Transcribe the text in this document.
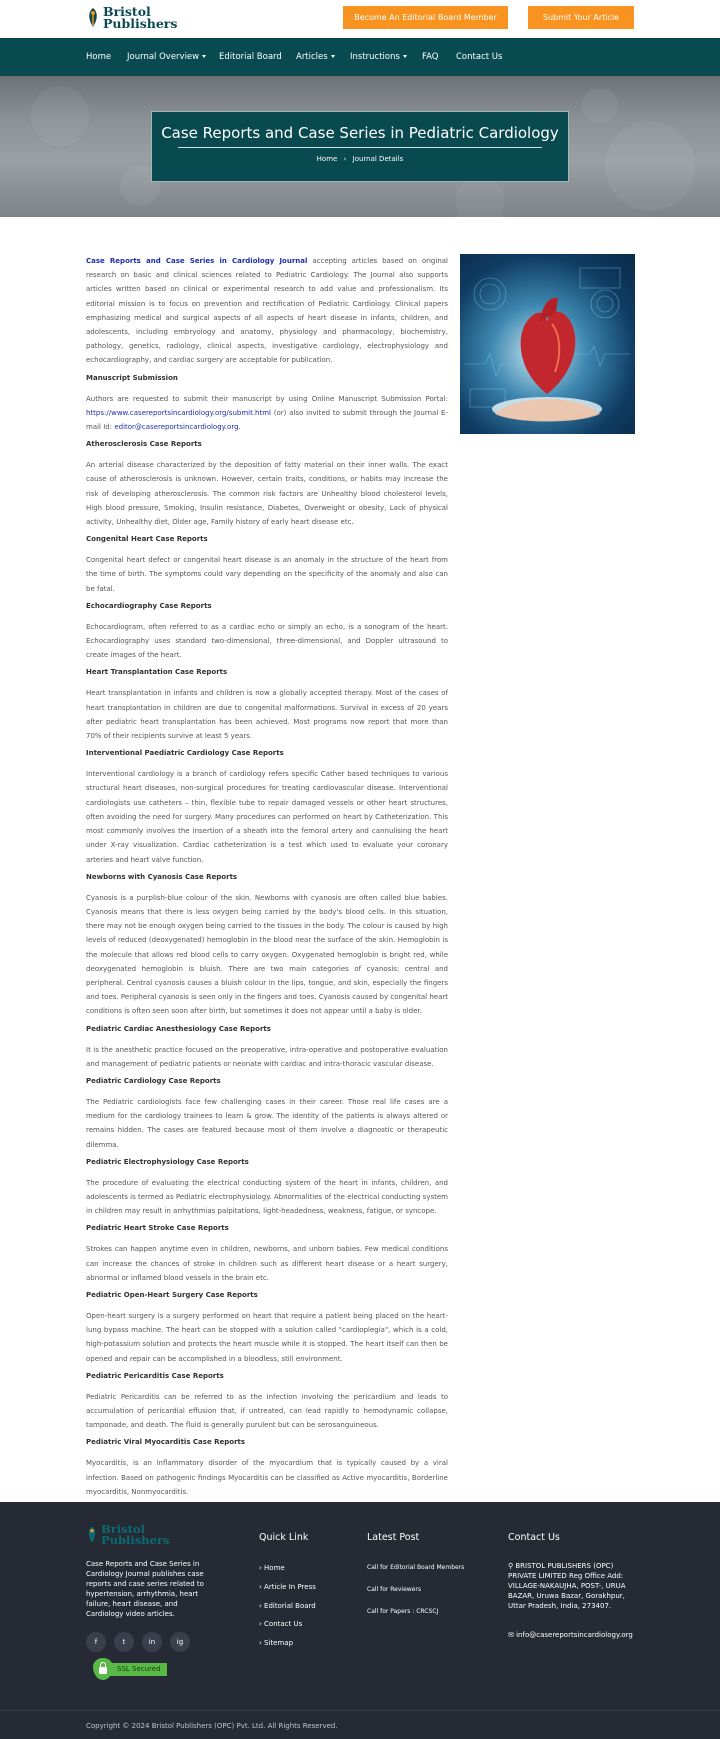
Bristol
Publishers	Become An Editorial Board Member	Submit Your Article
Home Journal Overview	Editorial Board Articles	Instructions	FAQ Contact Us
Case Reports and Case Series in Pediatric Cardiology
Home › Journal Details

Case Reports and Case Series in Cardiology Journal accepting articles based on original research on basic and clinical sciences related to Pediatric Cardiology. The Journal also supports articles written based on clinical or experimental research to add value and professionalism. Its editorial mission is to focus on prevention and rectification of Pediatric Cardiology. Clinical papers emphasizing medical and surgical aspects of all aspects of heart disease in infants, children, and adolescents, including embryology and anatomy, physiology and pharmacology, biochemistry, pathology, genetics, radiology, clinical aspects, investigative cardiology, electrophysiology and echocardiography, and cardiac surgery are acceptable for publication.

Manuscript Submission

Authors are requested to submit their manuscript by using Online Manuscript Submission Portal: https://www.casereportsincardiology.org/submit.html (or) also invited to submit through the Journal E-mail Id: editor@casereportsincardiology.org.

Atherosclerosis Case Reports

An arterial disease characterized by the deposition of fatty material on their inner walls. The exact cause of atherosclerosis is unknown. However, certain traits, conditions, or habits may increase the risk of developing atherosclerosis. The common risk factors are Unhealthy blood cholesterol levels, High blood pressure, Smoking, Insulin resistance, Diabetes, Overweight or obesity, Lack of physical activity, Unhealthy diet, Older age, Family history of early heart disease etc.

Congenital Heart Case Reports

Congenital heart defect or congenital heart disease is an anomaly in the structure of the heart from the time of birth. The symptoms could vary depending on the specificity of the anomaly and also can be fatal.

Echocardiography Case Reports

Echocardiogram, often referred to as a cardiac echo or simply an echo, is a sonogram of the heart. Echocardiography uses standard two-dimensional, three-dimensional, and Doppler ultrasound to create images of the heart.

Heart Transplantation Case Reports

Heart transplantation in infants and children is now a globally accepted therapy. Most of the cases of heart transplantation in children are due to congenital malformations. Survival in excess of 20 years after pediatric heart transplantation has been achieved. Most programs now report that more than 70% of their recipients survive at least 5 years.

Interventional Paediatric Cardiology Case Reports

Interventional cardiology is a branch of cardiology refers specific Cather based techniques to various structural heart diseases, non-surgical procedures for treating cardiovascular disease. Interventional cardiologists use catheters – thin, flexible tube to repair damaged vessels or other heart structures, often avoiding the need for surgery. Many procedures can performed on heart by Catheterization. This most commonly involves the insertion of a sheath into the femoral artery and cannulising the heart under X-ray visualization. Cardiac catheterization is a test which used to evaluate your coronary arteries and heart valve function.

Newborns with Cyanosis Case Reports

Cyanosis is a purplish-blue colour of the skin. Newborns with cyanosis are often called blue babies. Cyanosis means that there is less oxygen being carried by the body's blood cells. In this situation, there may not be enough oxygen being carried to the tissues in the body. The colour is caused by high levels of reduced (deoxygenated) hemoglobin in the blood near the surface of the skin. Hemoglobin is the molecule that allows red blood cells to carry oxygen. Oxygenated hemoglobin is bright red, while deoxygenated hemoglobin is bluish. There are two main categories of cyanosis: central and peripheral. Central cyanosis causes a bluish colour in the lips, tongue, and skin, especially the fingers and toes. Peripheral cyanosis is seen only in the fingers and toes. Cyanosis caused by congenital heart conditions is often seen soon after birth, but sometimes it does not appear until a baby is older.

Pediatric Cardiac Anesthesiology Case Reports

It is the anesthetic practice focused on the preoperative, intra-operative and postoperative evaluation and management of pediatric patients or neonate with cardiac and intra-thoracic vascular disease.

Pediatric Cardiology Case Reports

The Pediatric cardiologists face few challenging cases in their career. Those real life cases are a medium for the cardiology trainees to learn & grow. The identity of the patients is always altered or remains hidden. The cases are featured because most of them involve a diagnostic or therapeutic dilemma.

Pediatric Electrophysiology Case Reports

The procedure of evaluating the electrical conducting system of the heart in infants, children, and adolescents is termed as Pediatric electrophysiology. Abnormalities of the electrical conducting system in children may result in arrhythmias palpitations, light-headedness, weakness, fatigue, or syncope.

Pediatric Heart Stroke Case Reports

Strokes can happen anytime even in children, newborns, and unborn babies. Few medical conditions can increase the chances of stroke in children such as different heart disease or a heart surgery, abnormal or inflamed blood vessels in the brain etc.

Pediatric Open-Heart Surgery Case Reports

Open-heart surgery is a surgery performed on heart that require a patient being placed on the heart-lung bypass machine. The heart can be stopped with a solution called "cardioplegia", which is a cold, high-potassium solution and protects the heart muscle while it is stopped. The heart itself can then be opened and repair can be accomplished in a bloodless, still environment.

Pediatric Pericarditis Case Reports

Pediatric Pericarditis can be referred to as the infection involving the pericardium and leads to accumulation of pericardial effusion that, if untreated, can lead rapidly to hemodynamic collapse, tamponade, and death. The fluid is generally purulent but can be serosanguineous.

Pediatric Viral Myocarditis Case Reports

Myocarditis, is an inflammatory disorder of the myocardium that is typically caused by a viral infection. Based on pathogenic findings Myocarditis can be classified as Active myocarditis, Borderline myocarditis, Nonmyocarditis.

Bristol
Publishers
Case Reports and Case Series in Cardiology Journal publishes case reports and case series related to hypertension, arrhythmia, heart failure, heart disease, and Cardiology video articles.
f	t	in	ig
SSL Secured
Quick Link
› Home
› Article In Press
› Editorial Board
› Contact Us
› Sitemap
Latest Post
Call for Editorial Board Members
Call for Reviewers
Call for Papers : CRCSCJ
Contact Us
⚲ BRISTOL PUBLISHERS (OPC) PRIVATE LIMITED Reg Office Add: VILLAGE-NAKAUJHA, POST-, URUA BAZAR, Uruwa Bazar, Gorakhpur, Uttar Pradesh, India, 273407.
✉ info@casereportsincardiology.org
Copyright © 2024 Bristol Publishers (OPC) Pvt. Ltd. All Rights Reserved.
